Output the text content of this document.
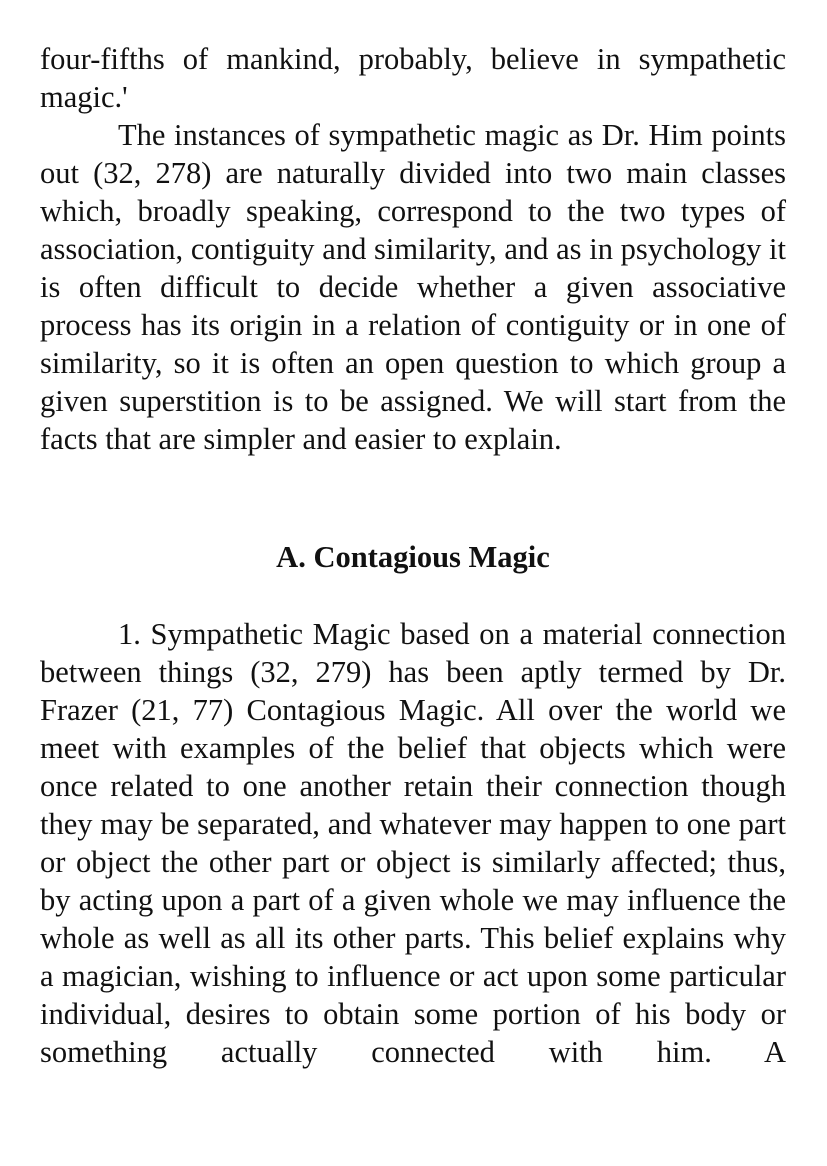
four-fifths of mankind, probably, believe in sympathetic magic.'

The instances of sympathetic magic as Dr. Him points out (32, 278) are naturally divided into two main classes which, broadly speaking, correspond to the two types of association, contiguity and similarity, and as in psychology it is often difficult to decide whether a given associative process has its origin in a relation of contiguity or in one of similarity, so it is often an open question to which group a given superstition is to be assigned. We will start from the facts that are simpler and easier to explain.

A. Contagious Magic

1. Sympathetic Magic based on a material connection between things (32, 279) has been aptly termed by Dr. Frazer (21, 77) Contagious Magic. All over the world we meet with examples of the belief that objects which were once related to one another retain their connection though they may be separated, and whatever may happen to one part or object the other part or object is similarly affected; thus, by acting upon a part of a given whole we may influence the whole as well as all its other parts. This belief explains why a magician, wishing to influence or act upon some particular individual, desires to obtain some portion of his body or something actually connected with him. A
